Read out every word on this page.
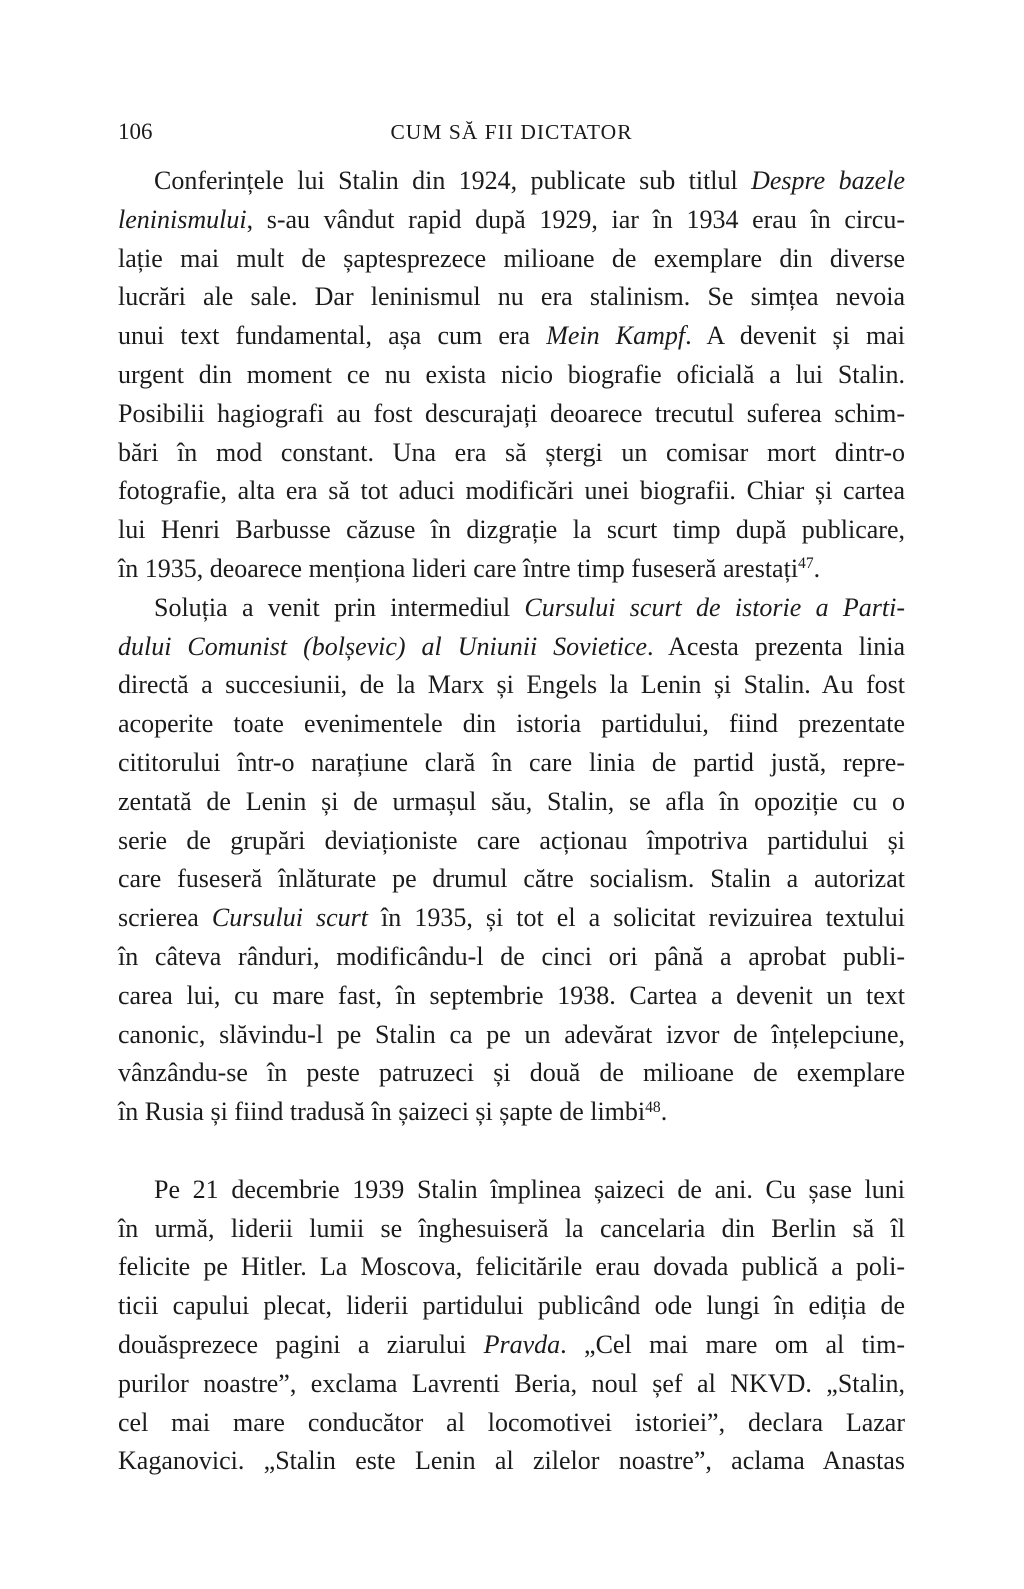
106	CUM SĂ FII DICTATOR
Conferințele lui Stalin din 1924, publicate sub titlul Despre bazele
leninismului, s-au vândut rapid după 1929, iar în 1934 erau în circu-
lație mai mult de șaptesprezece milioane de exemplare din diverse
lucrări ale sale. Dar leninismul nu era stalinism. Se simțea nevoia
unui text fundamental, așa cum era Mein Kampf. A devenit și mai
urgent din moment ce nu exista nicio biografie oficială a lui Stalin.
Posibilii hagiografi au fost descurajați deoarece trecutul suferea schim-
bări în mod constant. Una era să ștergi un comisar mort dintr-o
fotografie, alta era să tot aduci modificări unei biografii. Chiar și cartea
lui Henri Barbusse căzuse în dizgrație la scurt timp după publicare,
în 1935, deoarece menționa lideri care între timp fuseseră arestați$^{47}$.
Soluția a venit prin intermediul Cursului scurt de istorie a Parti-
dului Comunist (bolșevic) al Uniunii Sovietice. Acesta prezenta linia
directă a succesiunii, de la Marx și Engels la Lenin și Stalin. Au fost
acoperite toate evenimentele din istoria partidului, fiind prezentate
cititorului într-o narațiune clară în care linia de partid justă, repre-
zentată de Lenin și de urmașul său, Stalin, se afla în opoziție cu o
serie de grupări deviaționiste care acționau împotriva partidului și
care fuseseră înlăturate pe drumul către socialism. Stalin a autorizat
scrierea Cursului scurt în 1935, și tot el a solicitat revizuirea textului
în câteva rânduri, modificându-l de cinci ori până a aprobat publi-
carea lui, cu mare fast, în septembrie 1938. Cartea a devenit un text
canonic, slăvindu-l pe Stalin ca pe un adevărat izvor de înțelepciune,
vânzându-se în peste patruzeci și două de milioane de exemplare
în Rusia și fiind tradusă în șaizeci și șapte de limbi$^{48}$.
Pe 21 decembrie 1939 Stalin împlinea șaizeci de ani. Cu șase luni
în urmă, liderii lumii se înghesuiseră la cancelaria din Berlin să îl
felicite pe Hitler. La Moscova, felicitările erau dovada publică a poli-
ticii capului plecat, liderii partidului publicând ode lungi în ediția de
douăsprezece pagini a ziarului Pravda. „Cel mai mare om al tim-
purilor noastre”, exclama Lavrenti Beria, noul șef al NKVD. „Stalin,
cel mai mare conducător al locomotivei istoriei”, declara Lazar
Kaganovici. „Stalin este Lenin al zilelor noastre”, aclama Anastas
